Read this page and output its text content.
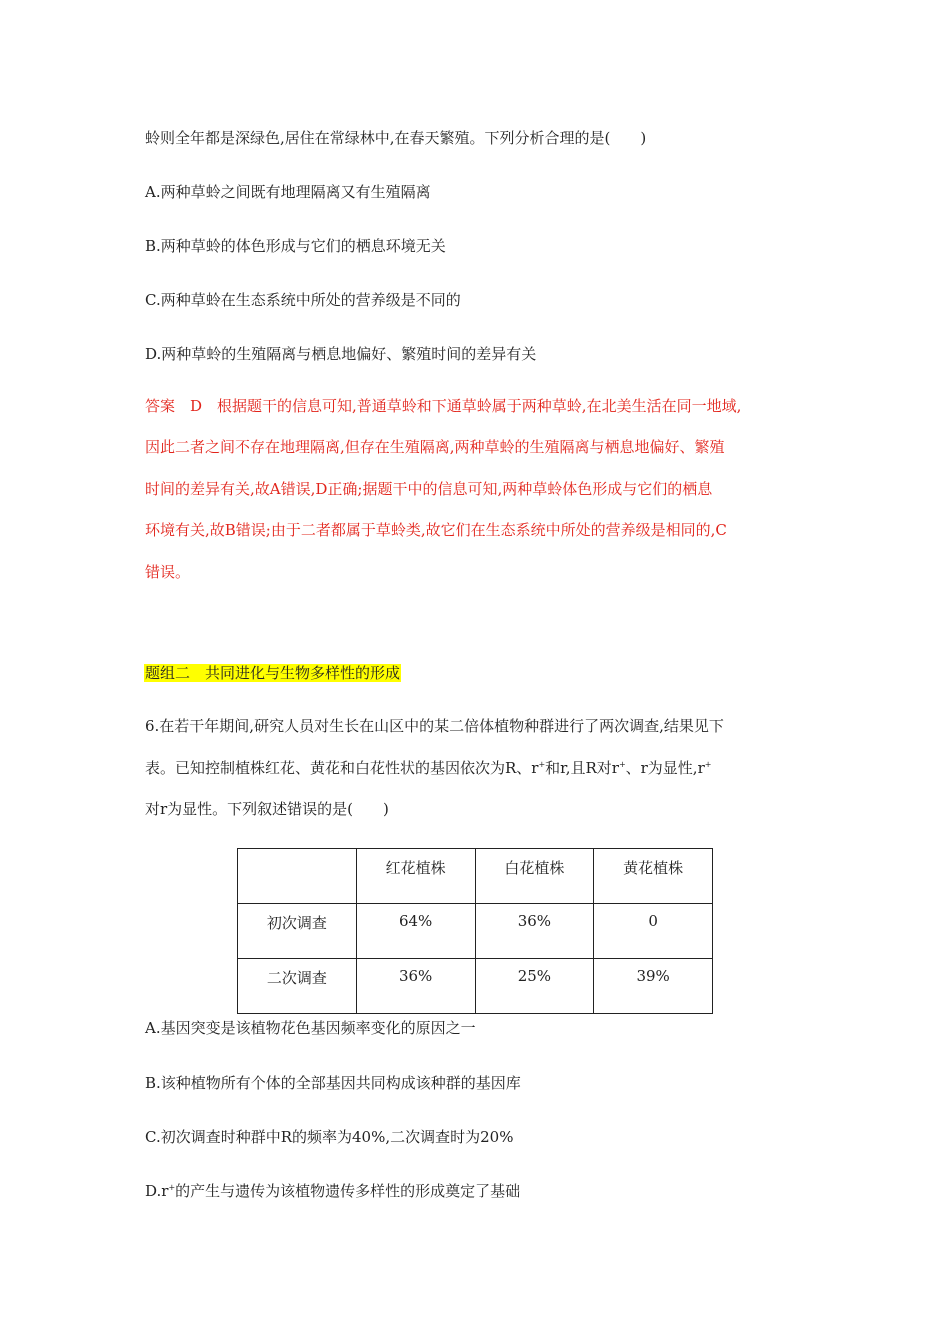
蛉则全年都是深绿色,居住在常绿林中,在春天繁殖。下列分析合理的是(　　)
A.两种草蛉之间既有地理隔离又有生殖隔离
B.两种草蛉的体色形成与它们的栖息环境无关
C.两种草蛉在生态系统中所处的营养级是不同的
D.两种草蛉的生殖隔离与栖息地偏好、繁殖时间的差异有关
答案　D　根据题干的信息可知,普通草蛉和下通草蛉属于两种草蛉,在北美生活在同一地域,
因此二者之间不存在地理隔离,但存在生殖隔离,两种草蛉的生殖隔离与栖息地偏好、繁殖
时间的差异有关,故A错误,D正确;据题干中的信息可知,两种草蛉体色形成与它们的栖息
环境有关,故B错误;由于二者都属于草蛉类,故它们在生态系统中所处的营养级是相同的,C
错误。
题组二　共同进化与生物多样性的形成
6.在若干年期间,研究人员对生长在山区中的某二倍体植物种群进行了两次调查,结果见下
表。已知控制植株红花、黄花和白花性状的基因依次为R、r+和r,且R对r+、r为显性,r+
对r为显性。下列叙述错误的是(　　)
	红花植株	白花植株	黄花植株
初次调查	64%	36%	0
二次调查	36%	25%	39%
A.基因突变是该植物花色基因频率变化的原因之一
B.该种植物所有个体的全部基因共同构成该种群的基因库
C.初次调查时种群中R的频率为40%,二次调查时为20%
D.r+的产生与遗传为该植物遗传多样性的形成奠定了基础
